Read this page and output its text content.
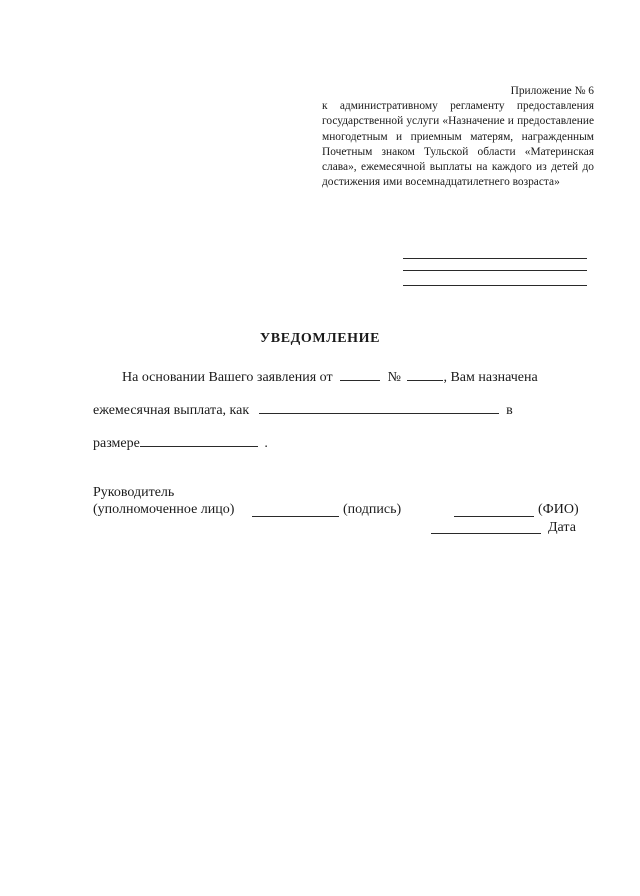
Приложение № 6
к административному регламенту предоставления государственной услуги «Назначение и предоставление многодетным и приемным матерям, награжденным Почетным знаком Тульской области «Материнская слава», ежемесячной выплаты на каждого из детей до достижения ими восемнадцатилетнего возраста»
УВЕДОМЛЕНИЕ
На основании Вашего заявления от	№	, Вам назначена
ежемесячная выплата, как	в
размере	.
Руководитель
(уполномоченное лицо)	(подпись)	(ФИО)
Дата
